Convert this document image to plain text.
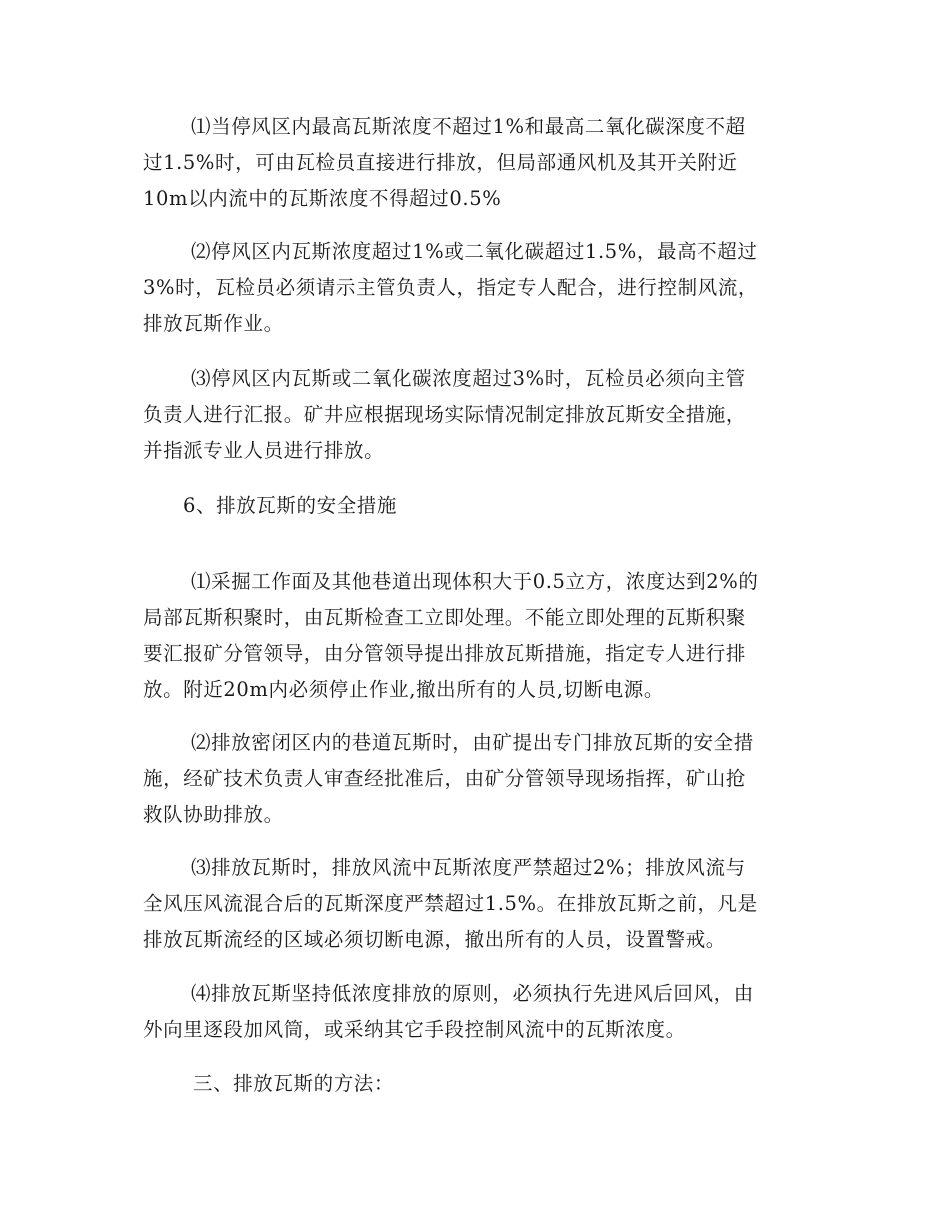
⑴当停风区内最高瓦斯浓度不超过1%和最高二氧化碳深度不超
过1.5%时，可由瓦检员直接进行排放，但局部通风机及其开关附近
10m以内流中的瓦斯浓度不得超过0.5%
⑵停风区内瓦斯浓度超过1%或二氧化碳超过1.5%，最高不超过
3%时，瓦检员必须请示主管负责人，指定专人配合，进行控制风流，
排放瓦斯作业。
⑶停风区内瓦斯或二氧化碳浓度超过3%时，瓦检员必须向主管
负责人进行汇报。矿井应根据现场实际情况制定排放瓦斯安全措施，
并指派专业人员进行排放。
6、排放瓦斯的安全措施
⑴采掘工作面及其他巷道出现体积大于0.5立方，浓度达到2%的
局部瓦斯积聚时，由瓦斯检查工立即处理。不能立即处理的瓦斯积聚
要汇报矿分管领导，由分管领导提出排放瓦斯措施，指定专人进行排
放。附近20m内必须停止作业,撤出所有的人员,切断电源。
⑵排放密闭区内的巷道瓦斯时，由矿提出专门排放瓦斯的安全措
施，经矿技术负责人审查经批准后，由矿分管领导现场指挥，矿山抢
救队协助排放。
⑶排放瓦斯时，排放风流中瓦斯浓度严禁超过2%；排放风流与
全风压风流混合后的瓦斯深度严禁超过1.5%。在排放瓦斯之前，凡是
排放瓦斯流经的区域必须切断电源，撤出所有的人员，设置警戒。
⑷排放瓦斯坚持低浓度排放的原则，必须执行先进风后回风，由
外向里逐段加风筒，或采纳其它手段控制风流中的瓦斯浓度。
三、排放瓦斯的方法：
